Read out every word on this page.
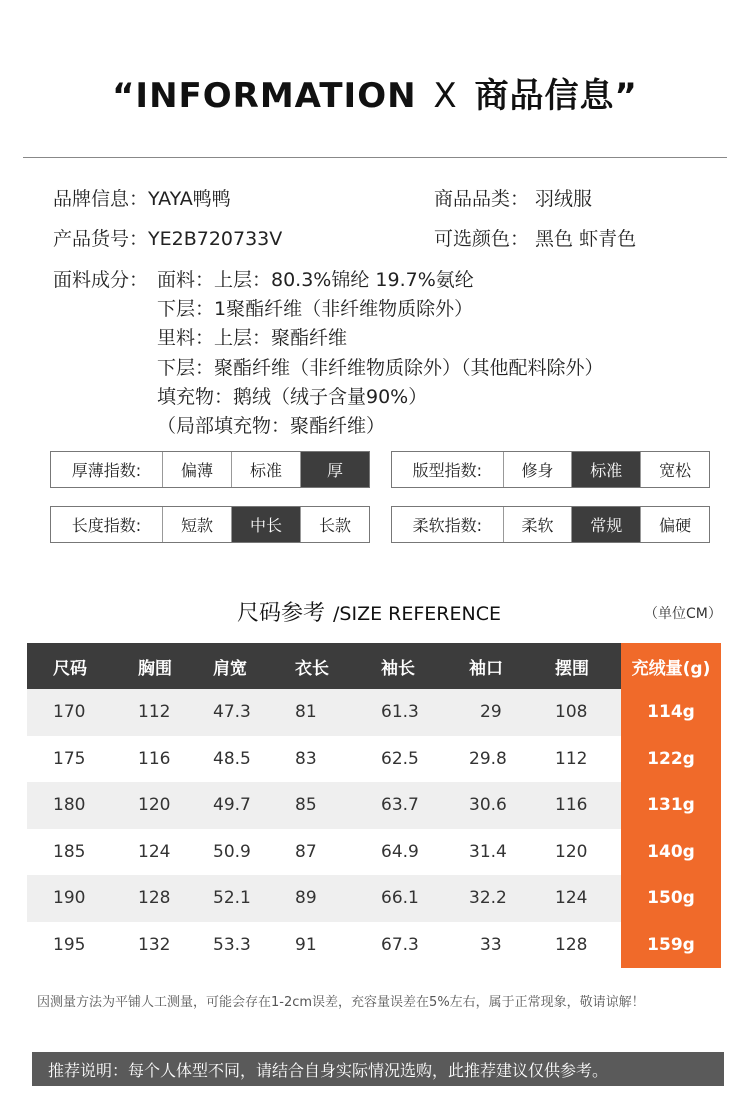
“INFORMATION X 商品信息”
品牌信息：YAYA鸭鸭	商品品类： 羽绒服
产品货号：YE2B720733V	可选颜色： 黑色 虾青色
面料成分： 面料：上层：80.3%锦纶 19.7%氨纶
下层：1聚酯纤维（非纤维物质除外）
里料：上层：聚酯纤维
下层：聚酯纤维（非纤维物质除外）（其他配料除外）
填充物：鹅绒（绒子含量90%）
（局部填充物：聚酯纤维）
厚薄指数:	偏薄	标准	厚	版型指数:	修身	标准	宽松
长度指数:	短款	中长	长款	柔软指数:	柔软	常规	偏硬
尺码参考 /SIZE REFERENCE	（单位CM）
尺码	胸围	肩宽	衣长	袖长	袖口	摆围	充绒量(g)
170	112	47.3	81	61.3	29	108	114g
175	116	48.5	83	62.5	29.8	112	122g
180	120	49.7	85	63.7	30.6	116	131g
185	124	50.9	87	64.9	31.4	120	140g
190	128	52.1	89	66.1	32.2	124	150g
195	132	53.3	91	67.3	33	128	159g
因测量方法为平铺人工测量，可能会存在1-2cm误差，充容量误差在5%左右，属于正常现象，敬请谅解！
推荐说明：每个人体型不同，请结合自身实际情况选购，此推荐建议仅供参考。
